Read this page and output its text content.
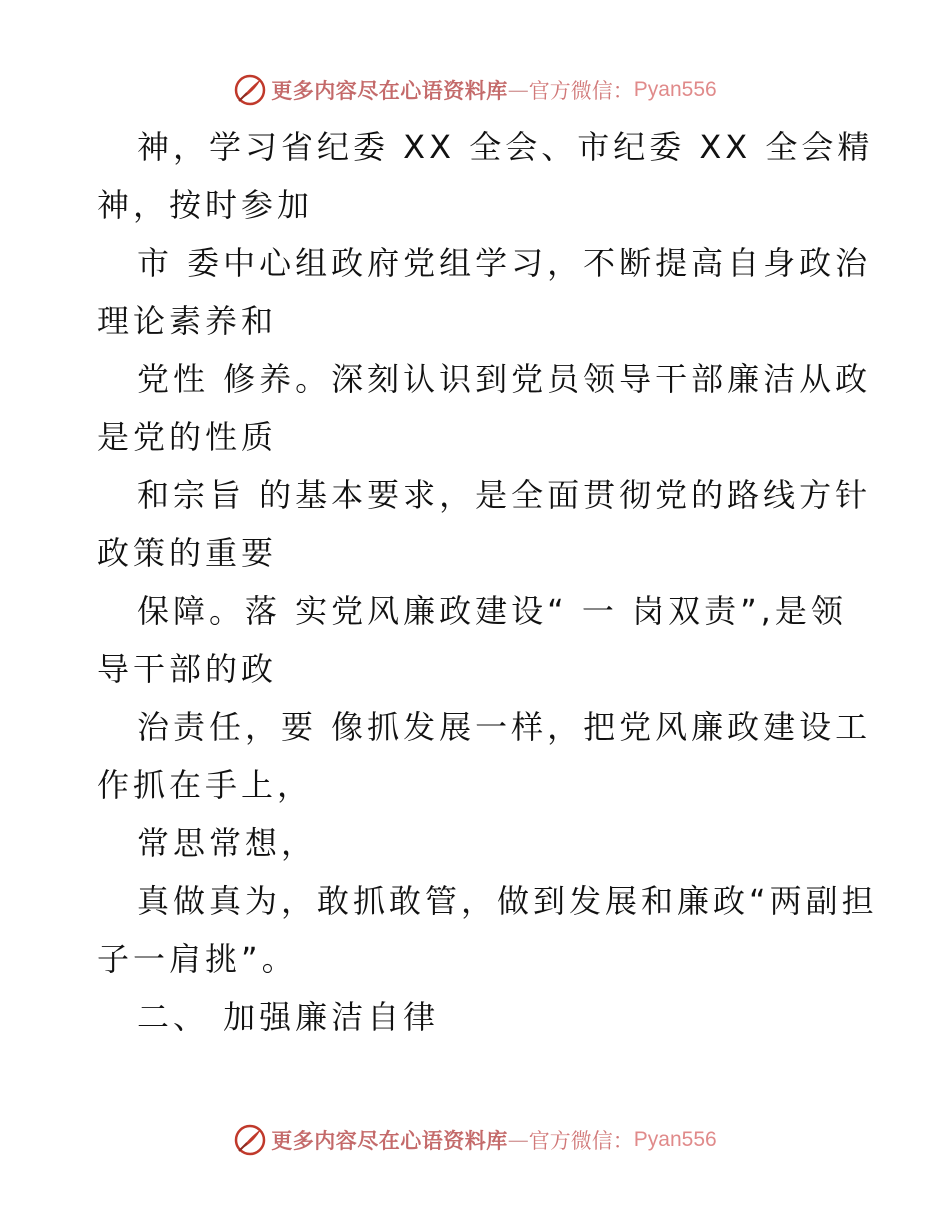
更多内容尽在心语资料库 — 官方微信： Pyan556
神，学习省纪委 XX 全会、市纪委 XX 全会精
神，按时参加
市 委中心组政府党组学习，不断提高自身政治
理论素养和
党性 修养。深刻认识到党员领导干部廉洁从政
是党的性质
和宗旨 的基本要求，是全面贯彻党的路线方针
政策的重要
保障。落 实党风廉政建设“ 一 岗双责”,是领
导干部的政
治责任，要 像抓发展一样，把党风廉政建设工
作抓在手上，
常思常想，
真做真为，敢抓敢管，做到发展和廉政“两副担
子一肩挑”。
二、 加强廉洁自律
更多内容尽在心语资料库 — 官方微信： Pyan556
